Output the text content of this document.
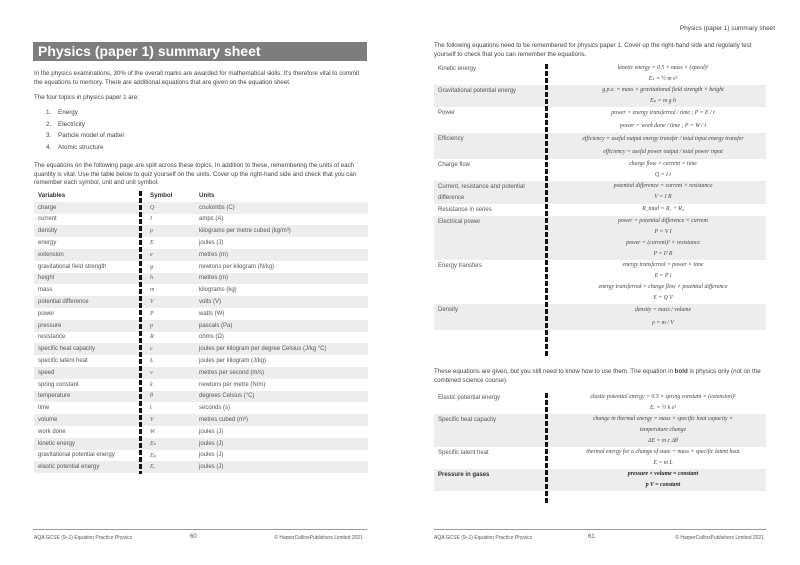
Physics (paper 1) summary sheet
In the physics examinations, 30% of the overall marks are awarded for mathematical skills. It's therefore vital to commit the equations to memory. There are additional equations that are given on the equation sheet.
The four topics in physics paper 1 are:
1. Energy
2. Electricity
3. Particle model of matter
4. Atomic structure
The equations on the following page are split across these topics. In addition to these, remembering the units of each quantity is vital. Use the table below to quiz yourself on the units. Cover up the right-hand side and check that you can remember each symbol, unit and unit symbol.
Variables	Symbol	Units
charge	Q	coulombs (C)
current	I	amps (A)
density	ρ	kilograms per metre cubed (kg/m³)
energy	E	joules (J)
extension	e	metres (m)
gravitational field strength	g	newtons per kilogram (N/kg)
height	h	metres (m)
mass	m	kilograms (kg)
potential difference	V	volts (V)
power	P	watts (W)
pressure	p	pascals (Pa)
resistance	R	ohms (Ω)
specific heat capacity	c	joules per kilogram per degree Celsius (J/kg °C)
specific latent heat	L	joules per kilogram (J/kg)
speed	v	metres per second (m/s)
spring constant	k	newtons per metre (N/m)
temperature	θ	degrees Celsius (°C)
time	t	seconds (s)
volume	V	metres cubed (m³)
work done	W	joules (J)
kinetic energy	Eₖ	joules (J)
gravitational potential energy	Eₚ	joules (J)
elastic potential energy	Eₑ	joules (J)
AQA GCSE (9–1) Equation Practice Physics	60	© HarperCollinsPublishers Limited 2021
Physics (paper 1) summary sheet
The following equations need to be remembered for physics paper 1. Cover up the right-hand side and regularly test yourself to check that you can remember the equations.
Kinetic energy	kinetic energy = 0.5 × mass × (speed)²
Eₖ = ½ m v²

Gravitational potential energy	g.p.e. = mass × gravitational field strength × height
Eₚ = m g h

Power	power = energy transferred / time ; P = E / t
power = work done / time ; P = W / t

Efficiency	efficiency = useful output energy transfer / total input energy transfer
efficiency = useful power output / total power input

Charge flow	charge flow = current × time
Q = I t

Current, resistance and potential difference	potential difference = current × resistance
V = I R

Resistance in series	R_total = R₁ + R₂

Electrical power	power = potential difference × current
P = V I
power = (current)² × resistance
P = I² R

Energy transfers	energy transferred = power × time
E = P t
energy transferred = charge flow × potential difference
E = Q V

Density	density = mass / volume
ρ = m / V
These equations are given, but you still need to know how to use them. The equation in bold is physics only (not on the combined science course).
Elastic potential energy	elastic potential energy = 0.5 × spring constant × (extension)²
Eₑ = ½ k e²

Specific heat capacity	change in thermal energy = mass × specific heat capacity ×
temperature change
ΔE = m c Δθ

Specific latent heat	thermal energy for a change of state = mass × specific latent heat
E = m L

Pressure in gases	pressure × volume = constant
p V = constant
AQA GCSE (9–1) Equation Practice Physics	61	© HarperCollinsPublishers Limited 2021
